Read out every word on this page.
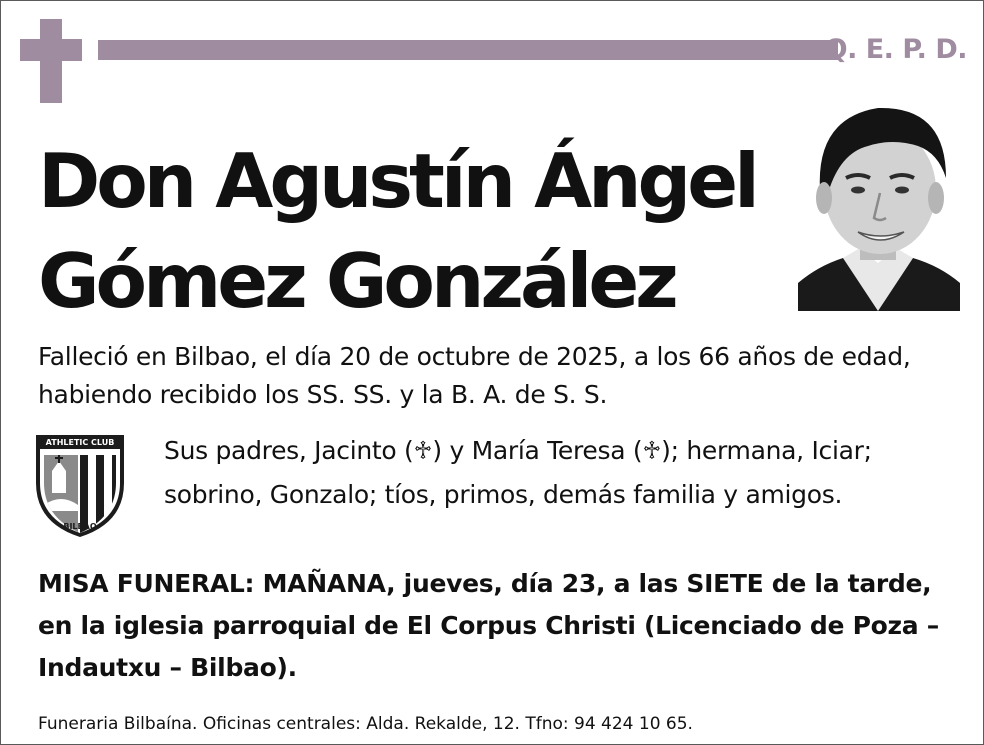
Q. E. P. D.
Don Agustín Ángel
Gómez González

Falleció en Bilbao, el día 20 de octubre de 2025, a los 66 años de edad, habiendo recibido los SS. SS. y la B. A. de S. S.

ATHLETIC CLUB
BILBAO
Sus padres, Jacinto (♱) y María Teresa (♱); hermana, Iciar;
sobrino, Gonzalo; tíos, primos, demás familia y amigos.

MISA FUNERAL: MAÑANA, jueves, día 23, a las SIETE de la tarde, en la iglesia parroquial de El Corpus Christi (Licenciado de Poza – Indautxu – Bilbao).

Funeraria Bilbaína. Oficinas centrales: Alda. Rekalde, 12. Tfno: 94 424 10 65.
